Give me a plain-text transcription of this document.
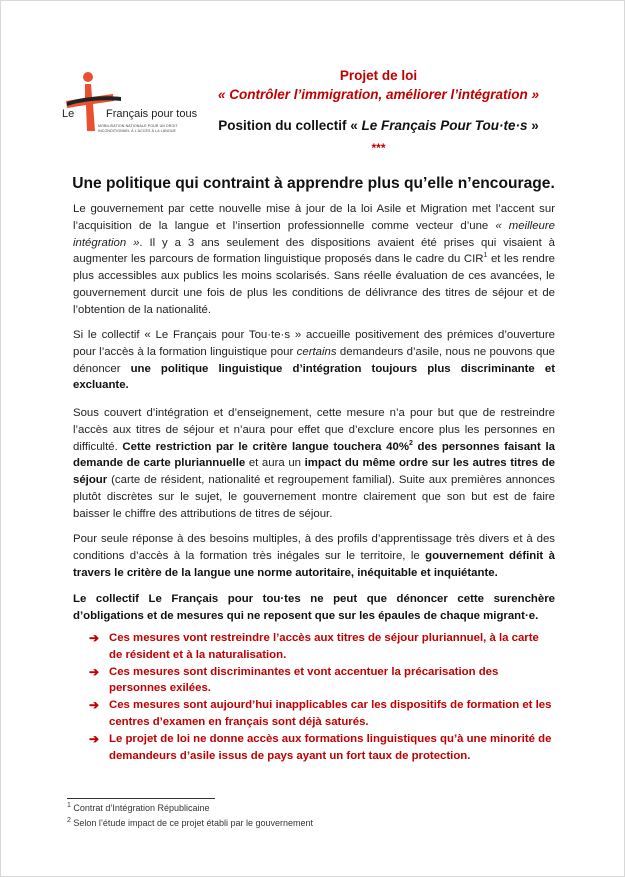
Le	Français pour tous
MOBILISATION NATIONALE POUR UN DROIT INCONDITIONNEL À L'ACCÈS À LA LANGUE
Projet de loi
« Contrôler l’immigration, améliorer l’intégration »
Position du collectif « Le Français Pour Tou·te·s »
***
Une politique qui contraint à apprendre plus qu’elle n’encourage.
Le gouvernement par cette nouvelle mise à jour de la loi Asile et Migration met l’accent sur l’acquisition de la langue et l’insertion professionnelle comme vecteur d’une « meilleure intégration ». Il y a 3 ans seulement des dispositions avaient été prises qui visaient à augmenter les parcours de formation linguistique proposés dans le cadre du CIR$^1$ et les rendre plus accessibles aux publics les moins scolarisés. Sans réelle évaluation de ces avancées, le gouvernement durcit une fois de plus les conditions de délivrance des titres de séjour et de l’obtention de la nationalité.
Si le collectif « Le Français pour Tou·te·s » accueille positivement des prémices d’ouverture pour l’accès à la formation linguistique pour certains demandeurs d’asile, nous ne pouvons que dénoncer une politique linguistique d’intégration toujours plus discriminante et excluante.
Sous couvert d’intégration et d’enseignement, cette mesure n’a pour but que de restreindre l’accès aux titres de séjour et n’aura pour effet que d’exclure encore plus les personnes en difficulté. Cette restriction par le critère langue touchera 40%$^2$ des personnes faisant la demande de carte pluriannuelle et aura un impact du même ordre sur les autres titres de séjour (carte de résident, nationalité et regroupement familial). Suite aux premières annonces plutôt discrètes sur le sujet, le gouvernement montre clairement que son but est de faire baisser le chiffre des attributions de titres de séjour.
Pour seule réponse à des besoins multiples, à des profils d’apprentissage très divers et à des conditions d’accès à la formation très inégales sur le territoire, le gouvernement définit à travers le critère de la langue une norme autoritaire, inéquitable et inquiétante.
Le collectif Le Français pour tou·tes ne peut que dénoncer cette surenchère d’obligations et de mesures qui ne reposent que sur les épaules de chaque migrant·e.
➔ Ces mesures vont restreindre l’accès aux titres de séjour pluriannuel, à la carte de résident et à la naturalisation.
➔ Ces mesures sont discriminantes et vont accentuer la précarisation des personnes exilées.
➔ Ces mesures sont aujourd’hui inapplicables car les dispositifs de formation et les centres d’examen en français sont déjà saturés.
➔ Le projet de loi ne donne accès aux formations linguistiques qu’à une minorité de demandeurs d’asile issus de pays ayant un fort taux de protection.
$^1$ Contrat d’Intégration Républicaine
$^2$ Selon l’étude impact de ce projet établi par le gouvernement
